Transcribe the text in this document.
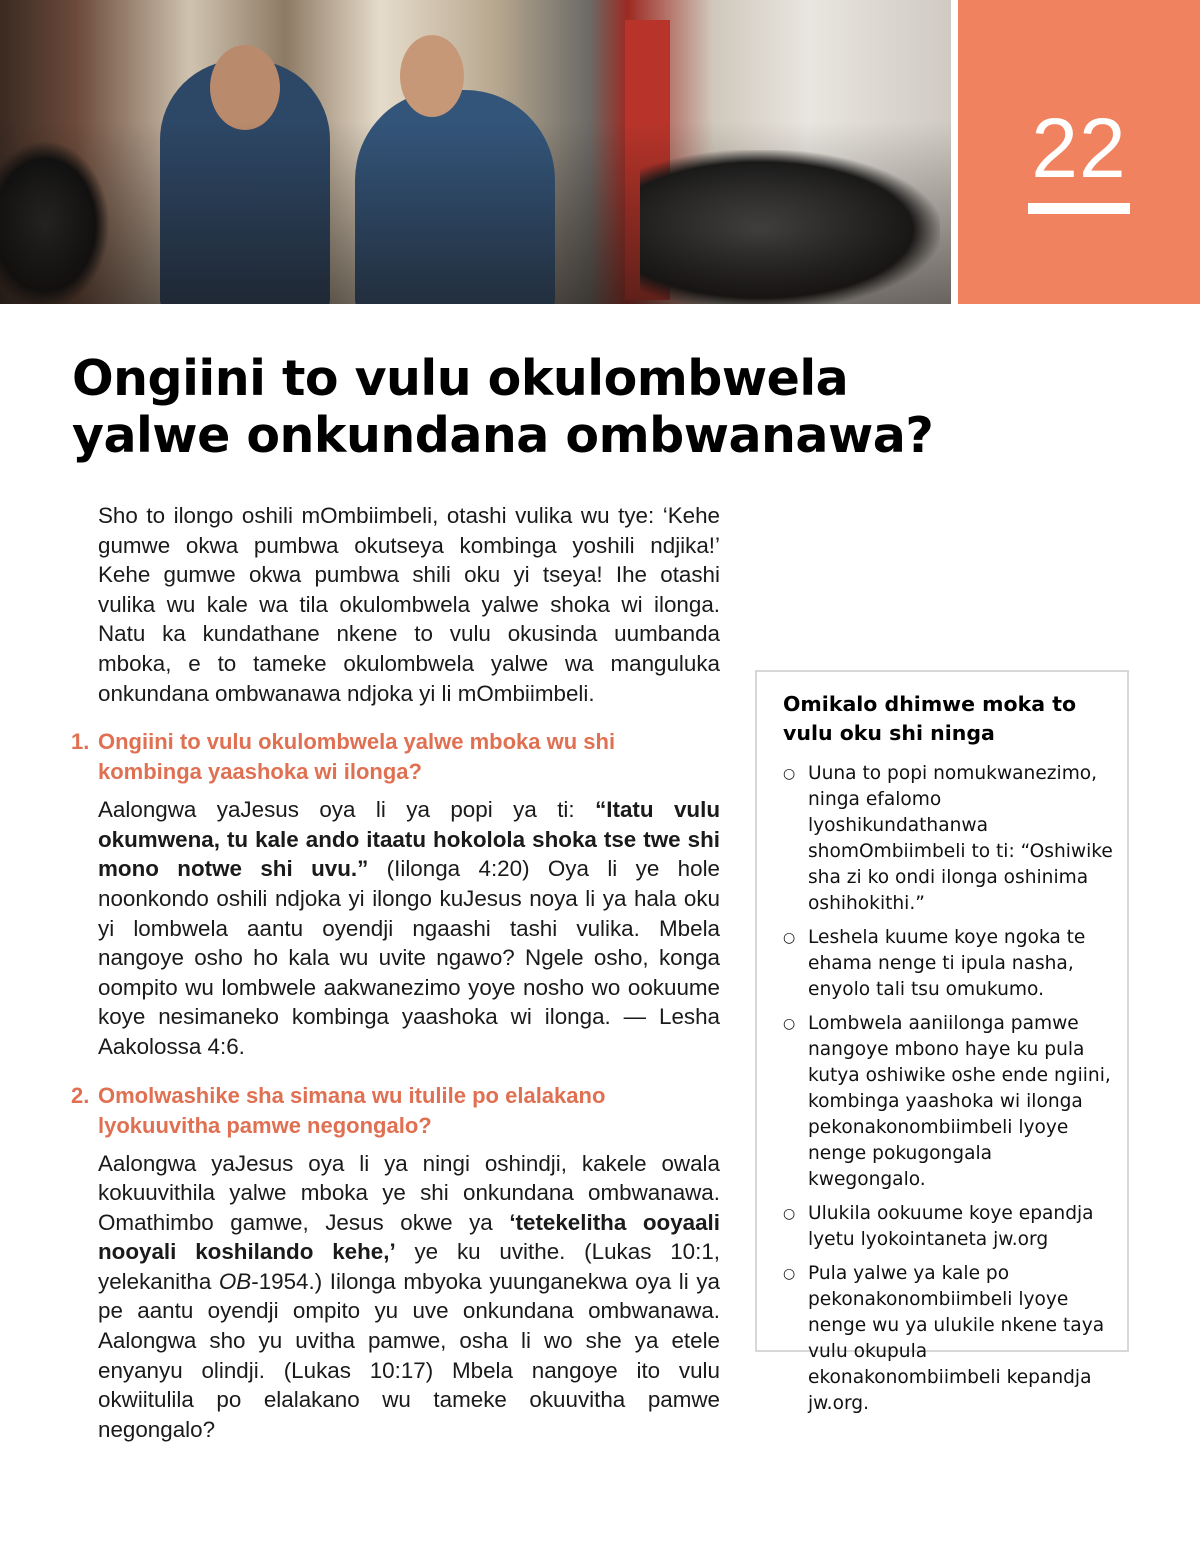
22
Ongiini to vulu okulombwela yalwe onkundana ombwanawa?

Sho to ilongo oshili mOmbiimbeli, otashi vulika wu tye: ‘Kehe gumwe okwa pumbwa okutseya kombinga yoshili ndjika!’ Kehe gumwe okwa pumbwa shili oku yi tseya! Ihe otashi vulika wu kale wa tila okulombwela yalwe shoka wi ilonga. Natu ka kundathane nkene to vulu okusinda uumbanda mboka, e to tameke okulombwela yalwe wa manguluka onkundana ombwanawa ndjoka yi li mOmbiimbeli.

1. Ongiini to vulu okulombwela yalwe mboka wu shi kombinga yaashoka wi ilonga?

Aalongwa yaJesus oya li ya popi ya ti: “Itatu vulu okumwena, tu kale ando itaatu hokolola shoka tse twe shi mono notwe shi uvu.” (Iilonga 4:20) Oya li ye hole noonkondo oshili ndjoka yi ilongo kuJesus noya li ya hala oku yi lombwela aantu oyendji ngaashi tashi vulika. Mbela nangoye osho ho kala wu uvite ngawo? Ngele osho, konga oompito wu lombwele aakwanezimo yoye nosho wo ookuume koye nesimaneko kombinga yaashoka wi ilonga. — Lesha Aakolossa 4:6.

2. Omolwashike sha simana wu itulile po elalakano lyokuuvitha pamwe negongalo?

Aalongwa yaJesus oya li ya ningi oshindji, kakele owala kokuuvithila yalwe mboka ye shi onkundana ombwanawa. Omathimbo gamwe, Jesus okwe ya ‘tetekelitha ooyaali nooyali koshilando kehe,’ ye ku uvithe. (Lukas 10:1, yelekanitha OB-1954.) Iilonga mbyoka yuunganekwa oya li ya pe aantu oyendji ompito yu uve onkundana ombwanawa. Aalongwa sho yu uvitha pamwe, osha li wo she ya etele enyanyu olindji. (Lukas 10:17) Mbela nangoye ito vulu okwiitulila po elalakano wu tameke okuuvitha pamwe negongalo?

Omikalo dhimwe moka to vulu oku shi ninga
○ Uuna to popi nomukwanezimo, ninga efalomo lyoshikundathanwa shomOmbiimbeli to ti: “Oshiwike sha zi ko ondi ilonga oshinima oshihokithi.”
○ Leshela kuume koye ngoka te ehama nenge ti ipula nasha, enyolo tali tsu omukumo.
○ Lombwela aaniilonga pamwe nangoye mbono haye ku pula kutya oshiwike oshe ende ngiini, kombinga yaashoka wi ilonga pekonakonombiimbeli lyoye nenge pokugongala kwegongalo.
○ Ulukila ookuume koye epandja lyetu lyokointaneta jw.org
○ Pula yalwe ya kale po pekonakonombiimbeli lyoye nenge wu ya ulukile nkene taya vulu okupula ekonakonombiimbeli kepandja jw.org.
